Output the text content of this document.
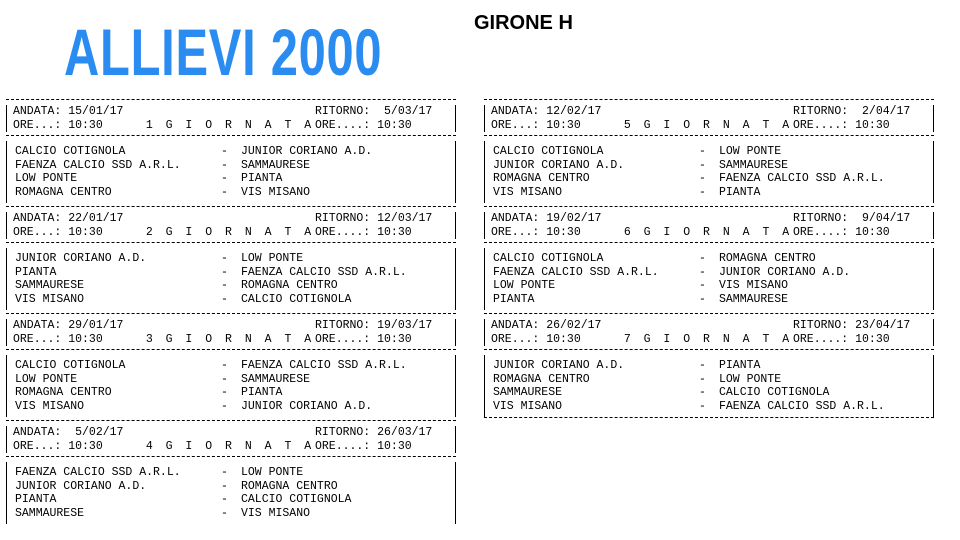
ALLIEVI 2000	GIRONE H
ANDATA: 15/01/17	RITORNO:  5/03/17
ORE...: 10:30	1 G I O R N A T A ORE....: 10:30
CALCIO COTIGNOLA	-	JUNIOR CORIANO A.D.
FAENZA CALCIO SSD A.R.L.	-	SAMMAURESE
LOW PONTE	-	PIANTA
ROMAGNA CENTRO	-	VIS MISANO
ANDATA: 22/01/17	RITORNO: 12/03/17
ORE...: 10:30	2 G I O R N A T A ORE....: 10:30
JUNIOR CORIANO A.D.	-	LOW PONTE
PIANTA	-	FAENZA CALCIO SSD A.R.L.
SAMMAURESE	-	ROMAGNA CENTRO
VIS MISANO	-	CALCIO COTIGNOLA
ANDATA: 29/01/17	RITORNO: 19/03/17
ORE...: 10:30	3 G I O R N A T A ORE....: 10:30
CALCIO COTIGNOLA	-	FAENZA CALCIO SSD A.R.L.
LOW PONTE	-	SAMMAURESE
ROMAGNA CENTRO	-	PIANTA
VIS MISANO	-	JUNIOR CORIANO A.D.
ANDATA:  5/02/17	RITORNO: 26/03/17
ORE...: 10:30	4 G I O R N A T A ORE....: 10:30
FAENZA CALCIO SSD A.R.L.	-	LOW PONTE
JUNIOR CORIANO A.D.	-	ROMAGNA CENTRO
PIANTA	-	CALCIO COTIGNOLA
SAMMAURESE	-	VIS MISANO
ANDATA: 12/02/17	RITORNO:  2/04/17
ORE...: 10:30	5 G I O R N A T A ORE....: 10:30
CALCIO COTIGNOLA	-	LOW PONTE
JUNIOR CORIANO A.D.	-	SAMMAURESE
ROMAGNA CENTRO	-	FAENZA CALCIO SSD A.R.L.
VIS MISANO	-	PIANTA
ANDATA: 19/02/17	RITORNO:  9/04/17
ORE...: 10:30	6 G I O R N A T A ORE....: 10:30
CALCIO COTIGNOLA	-	ROMAGNA CENTRO
FAENZA CALCIO SSD A.R.L.	-	JUNIOR CORIANO A.D.
LOW PONTE	-	VIS MISANO
PIANTA	-	SAMMAURESE
ANDATA: 26/02/17	RITORNO: 23/04/17
ORE...: 10:30	7 G I O R N A T A ORE....: 10:30
JUNIOR CORIANO A.D.	-	PIANTA
ROMAGNA CENTRO	-	LOW PONTE
SAMMAURESE	-	CALCIO COTIGNOLA
VIS MISANO	-	FAENZA CALCIO SSD A.R.L.
